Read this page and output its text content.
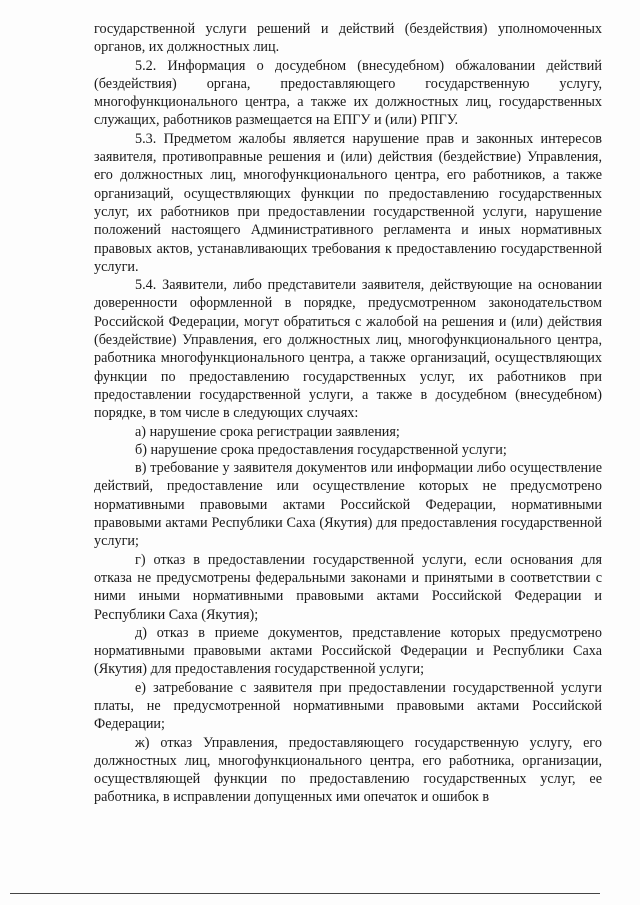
государственной услуги решений и действий (бездействия) уполномоченных органов, их должностных лиц.

5.2. Информация о досудебном (внесудебном) обжаловании действий (бездействия) органа, предоставляющего государственную услугу, многофункционального центра, а также их должностных лиц, государственных служащих, работников размещается на ЕПГУ и (или) РПГУ.

5.3. Предметом жалобы является нарушение прав и законных интересов заявителя, противоправные решения и (или) действия (бездействие) Управления, его должностных лиц, многофункционального центра, его работников, а также организаций, осуществляющих функции по предоставлению государственных услуг, их работников при предоставлении государственной услуги, нарушение положений настоящего Административного регламента и иных нормативных правовых актов, устанавливающих требования к предоставлению государственной услуги.

5.4. Заявители, либо представители заявителя, действующие на основании доверенности оформленной в порядке, предусмотренном законодательством Российской Федерации, могут обратиться с жалобой на решения и (или) действия (бездействие) Управления, его должностных лиц, многофункционального центра, работника многофункционального центра, а также организаций, осуществляющих функции по предоставлению государственных услуг, их работников при предоставлении государственной услуги, а также в досудебном (внесудебном) порядке, в том числе в следующих случаях:

а) нарушение срока регистрации заявления;

б) нарушение срока предоставления государственной услуги;

в) требование у заявителя документов или информации либо осуществление действий, предоставление или осуществление которых не предусмотрено нормативными правовыми актами Российской Федерации, нормативными правовыми актами Республики Саха (Якутия) для предоставления государственной услуги;

г) отказ в предоставлении государственной услуги, если основания для отказа не предусмотрены федеральными законами и принятыми в соответствии с ними иными нормативными правовыми актами Российской Федерации и Республики Саха (Якутия);

д) отказ в приеме документов, представление которых предусмотрено нормативными правовыми актами Российской Федерации и Республики Саха (Якутия) для предоставления государственной услуги;

е) затребование с заявителя при предоставлении государственной услуги платы, не предусмотренной нормативными правовыми актами Российской Федерации;

ж) отказ Управления, предоставляющего государственную услугу, его должностных лиц, многофункционального центра, его работника, организации, осуществляющей функции по предоставлению государственных услуг, ее работника, в исправлении допущенных ими опечаток и ошибок в
